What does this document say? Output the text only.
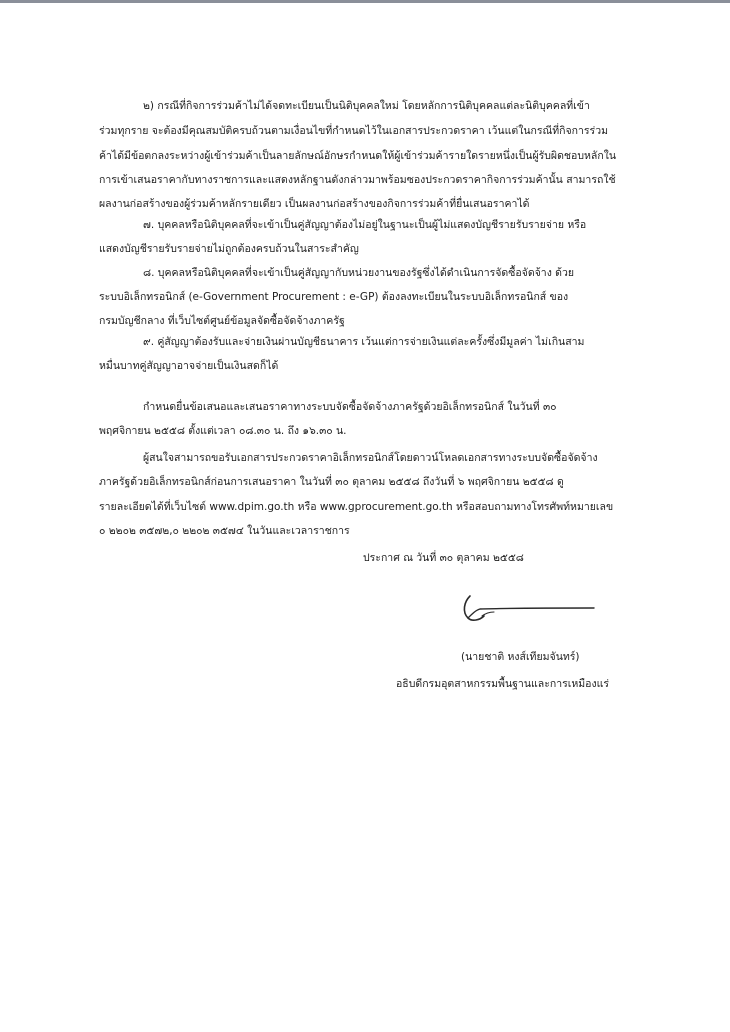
๒) กรณีที่กิจการร่วมค้าไม่ได้จดทะเบียนเป็นนิติบุคคลใหม่ โดยหลักการนิติบุคคลแต่ละนิติบุคคลที่เข้า
ร่วมทุกราย จะต้องมีคุณสมบัติครบถ้วนตามเงื่อนไขที่กำหนดไว้ในเอกสารประกวดราคา เว้นแต่ในกรณีที่กิจการร่วม
ค้าได้มีข้อตกลงระหว่างผู้เข้าร่วมค้าเป็นลายลักษณ์อักษรกำหนดให้ผู้เข้าร่วมค้ารายใดรายหนึ่งเป็นผู้รับผิดชอบหลักใน
การเข้าเสนอราคากับทางราชการและแสดงหลักฐานดังกล่าวมาพร้อมซองประกวดราคากิจการร่วมค้านั้น สามารถใช้
ผลงานก่อสร้างของผู้ร่วมค้าหลักรายเดียว เป็นผลงานก่อสร้างของกิจการร่วมค้าที่ยื่นเสนอราคาได้
๗. บุคคลหรือนิติบุคคลที่จะเข้าเป็นคู่สัญญาต้องไม่อยู่ในฐานะเป็นผู้ไม่แสดงบัญชีรายรับรายจ่าย หรือ
แสดงบัญชีรายรับรายจ่ายไม่ถูกต้องครบถ้วนในสาระสำคัญ
๘. บุคคลหรือนิติบุคคลที่จะเข้าเป็นคู่สัญญากับหน่วยงานของรัฐซึ่งได้ดำเนินการจัดซื้อจัดจ้าง ด้วย
ระบบอิเล็กทรอนิกส์ (e-Government Procurement : e-GP) ต้องลงทะเบียนในระบบอิเล็กทรอนิกส์ ของ
กรมบัญชีกลาง ที่เว็บไซต์ศูนย์ข้อมูลจัดซื้อจัดจ้างภาครัฐ
๙. คู่สัญญาต้องรับและจ่ายเงินผ่านบัญชีธนาคาร เว้นแต่การจ่ายเงินแต่ละครั้งซึ่งมีมูลค่า ไม่เกินสาม
หมื่นบาทคู่สัญญาอาจจ่ายเป็นเงินสดก็ได้
กำหนดยื่นข้อเสนอและเสนอราคาทางระบบจัดซื้อจัดจ้างภาครัฐด้วยอิเล็กทรอนิกส์ ในวันที่ ๓๐
พฤศจิกายน ๒๕๕๘ ตั้งแต่เวลา ๐๘.๓๐ น. ถึง ๑๖.๓๐ น.
ผู้สนใจสามารถขอรับเอกสารประกวดราคาอิเล็กทรอนิกส์โดยดาวน์โหลดเอกสารทางระบบจัดซื้อจัดจ้าง
ภาครัฐด้วยอิเล็กทรอนิกส์ก่อนการเสนอราคา ในวันที่ ๓๐ ตุลาคม ๒๕๕๘ ถึงวันที่ ๖ พฤศจิกายน ๒๕๕๘ ดู
รายละเอียดได้ที่เว็บไซต์ www.dpim.go.th หรือ www.gprocurement.go.th หรือสอบถามทางโทรศัพท์หมายเลข
๐ ๒๒๐๒ ๓๕๗๒,๐ ๒๒๐๒ ๓๕๗๔ ในวันและเวลาราชการ
ประกาศ ณ วันที่ ๓๐ ตุลาคม ๒๕๕๘
(นายชาติ หงส์เทียมจันทร์)
อธิบดีกรมอุตสาหกรรมพื้นฐานและการเหมืองแร่
